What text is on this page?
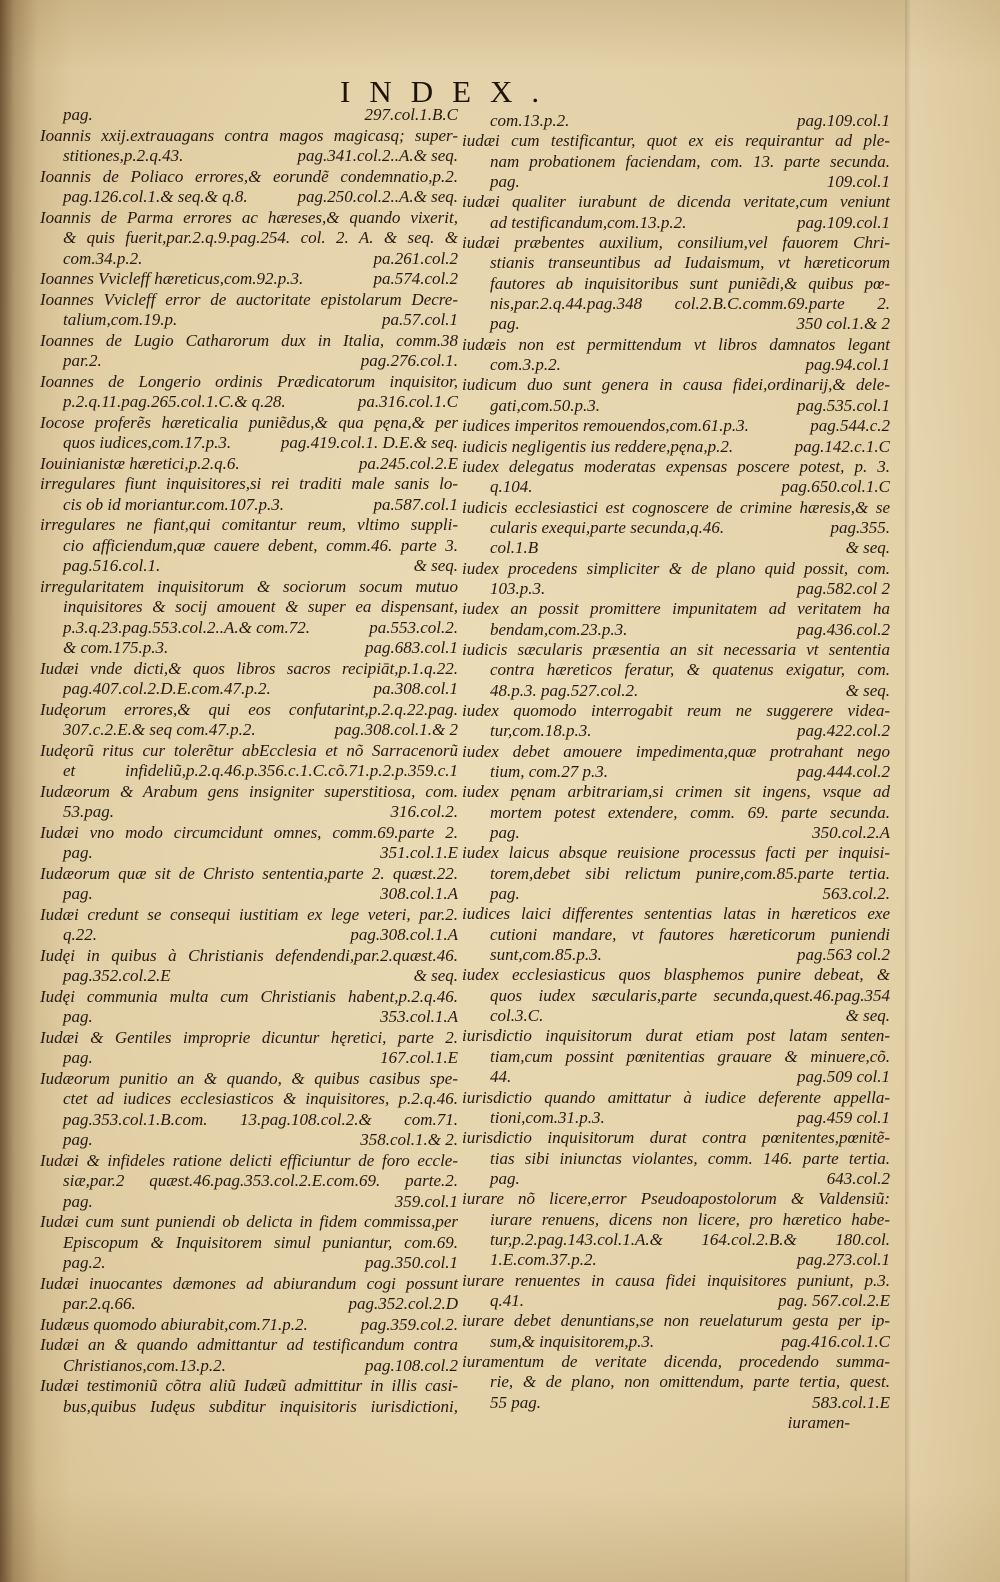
INDEX.
pag.	297.col.1.B.C
Ioannis xxij.extrauagans contra magos magicasq; super-
stitiones,p.2.q.43.	pag.341.col.2..A.& seq.
Ioannis de Poliaco errores,& eorundẽ condemnatio,p.2.
pag.126.col.1.& seq.& q.8.	pag.250.col.2..A.& seq.
Ioannis de Parma errores ac hæreses,& quando vixerit,
& quis fuerit,par.2.q.9.pag.254. col. 2. A. & seq. &
com.34.p.2.	pa.261.col.2
Ioannes Vvicleff hæreticus,com.92.p.3.	pa.574.col.2
Ioannes Vvicleff error de auctoritate epistolarum Decre-
talium,com.19.p.	pa.57.col.1
Ioannes de Lugio Catharorum dux in Italia, comm.38
par.2.	pag.276.col.1.
Ioannes de Longerio ordinis Prædicatorum inquisitor,
p.2.q.11.pag.265.col.1.C.& q.28.	pa.316.col.1.C
Iocose proferẽs hæreticalia puniẽdus,& qua pęna,& per
quos iudices,com.17.p.3.	pag.419.col.1. D.E.& seq.
Iouinianistæ hæretici,p.2.q.6.	pa.245.col.2.E
irregulares fiunt inquisitores,si rei traditi male sanis lo-
cis ob id moriantur.com.107.p.3.	pa.587.col.1
irregulares ne fiant,qui comitantur reum, vltimo suppli-
cio afficiendum,quæ cauere debent, comm.46. parte 3.
pag.516.col.1.	& seq.
irregularitatem inquisitorum & sociorum socum mutuo
inquisitores & socij amouent & super ea dispensant,
p.3.q.23.pag.553.col.2..A.& com.72.	pa.553.col.2.
& com.175.p.3.	pag.683.col.1
Iudæi vnde dicti,& quos libros sacros recipiāt,p.1.q.22.
pag.407.col.2.D.E.com.47.p.2.	pa.308.col.1
Iudęorum errores,& qui eos confutarint,p.2.q.22.pag.
307.c.2.E.& seq com.47.p.2.	pag.308.col.1.& 2
Iudęorũ ritus cur tolerẽtur abEcclesia et nõ Sarracenorũ
et infideliũ,p.2.q.46.p.356.c.1.C.cõ.71.p.2.p.359.c.1
Iudæorum & Arabum gens insigniter superstitiosa, com.
53.pag.	316.col.2.
Iudæi vno modo circumcidunt omnes, comm.69.parte 2.
pag.	351.col.1.E
Iudæorum quæ sit de Christo sententia,parte 2. quæst.22.
pag.	308.col.1.A
Iudæi credunt se consequi iustitiam ex lege veteri, par.2.
q.22.	pag.308.col.1.A
Iudęi in quibus à Christianis defendendi,par.2.quæst.46.
pag.352.col.2.E	& seq.
Iudęi communia multa cum Christianis habent,p.2.q.46.
pag.	353.col.1.A
Iudæi & Gentiles improprie dicuntur hęretici, parte 2.
pag.	167.col.1.E
Iudæorum punitio an & quando, & quibus casibus spe-
ctet ad iudices ecclesiasticos & inquisitores, p.2.q.46.
pag.353.col.1.B.com. 13.pag.108.col.2.& com.71.
pag.	358.col.1.& 2.
Iudæi & infideles ratione delicti efficiuntur de foro eccle-
siæ,par.2 quæst.46.pag.353.col.2.E.com.69. parte.2.
pag.	359.col.1
Iudæi cum sunt puniendi ob delicta in fidem commissa,per
Episcopum & Inquisitorem simul puniantur, com.69.
pag.2.	pag.350.col.1
Iudæi inuocantes dæmones ad abiurandum cogi possunt
par.2.q.66.	pag.352.col.2.D
Iudæus quomodo abiurabit,com.71.p.2.	pag.359.col.2.
Iudæi an & quando admittantur ad testificandum contra
Christianos,com.13.p.2.	pag.108.col.2
Iudæi testimoniũ cõtra aliũ Iudæũ admittitur in illis casi-
bus,quibus Iudęus subditur inquisitoris iurisdictioni,
com.13.p.2.	pag.109.col.1
iudæi cum testificantur, quot ex eis requirantur ad ple-
nam probationem faciendam, com. 13. parte secunda.
pag.	109.col.1
iudæi qualiter iurabunt de dicenda veritate,cum veniunt
ad testificandum,com.13.p.2.	pag.109.col.1
iudæi præbentes auxilium, consilium,vel fauorem Chri-
stianis transeuntibus ad Iudaismum, vt hæreticorum
fautores ab inquisitoribus sunt puniẽdi,& quibus pœ-
nis,par.2.q.44.pag.348 col.2.B.C.comm.69.parte 2.
pag.	350 col.1.& 2
iudæis non est permittendum vt libros damnatos legant
com.3.p.2.	pag.94.col.1
iudicum duo sunt genera in causa fidei,ordinarij,& dele-
gati,com.50.p.3.	pag.535.col.1
iudices imperitos remouendos,com.61.p.3.	pag.544.c.2
iudicis negligentis ius reddere,pęna,p.2.	pag.142.c.1.C
iudex delegatus moderatas expensas poscere potest, p. 3.
q.104.	pag.650.col.1.C
iudicis ecclesiastici est cognoscere de crimine hæresis,& se
cularis exequi,parte secunda,q.46.	pag.355.
col.1.B	& seq.
iudex procedens simpliciter & de plano quid possit, com.
103.p.3.	pag.582.col 2
iudex an possit promittere impunitatem ad veritatem ha
bendam,com.23.p.3.	pag.436.col.2
iudicis sæcularis præsentia an sit necessaria vt sententia
contra hæreticos feratur, & quatenus exigatur, com.
48.p.3. pag.527.col.2.	& seq.
iudex quomodo interrogabit reum ne suggerere videa-
tur,com.18.p.3.	pag.422.col.2
iudex debet amouere impedimenta,quæ protrahant nego
tium, com.27 p.3.	pag.444.col.2
iudex pęnam arbitrariam,si crimen sit ingens, vsque ad
mortem potest extendere, comm. 69. parte secunda.
pag.	350.col.2.A
iudex laicus absque reuisione processus facti per inquisi-
torem,debet sibi relictum punire,com.85.parte tertia.
pag.	563.col.2.
iudices laici differentes sententias latas in hæreticos exe
cutioni mandare, vt fautores hæreticorum puniendi
sunt,com.85.p.3.	pag.563 col.2
iudex ecclesiasticus quos blasphemos punire debeat, &
quos iudex sæcularis,parte secunda,quest.46.pag.354
col.3.C.	& seq.
iurisdictio inquisitorum durat etiam post latam senten-
tiam,cum possint pœnitentias grauare & minuere,cõ.
44.	pag.509 col.1
iurisdictio quando amittatur à iudice deferente appella-
tioni,com.31.p.3.	pag.459 col.1
iurisdictio inquisitorum durat contra pœnitentes,pœnitẽ-
tias sibi iniunctas violantes, comm. 146. parte tertia.
pag.	643.col.2
iurare nõ licere,error Pseudoapostolorum & Valdensiũ:
iurare renuens, dicens non licere, pro hæretico habe-
tur,p.2.pag.143.col.1.A.& 164.col.2.B.& 180.col.
1.E.com.37.p.2.	pag.273.col.1
iurare renuentes in causa fidei inquisitores puniunt, p.3.
q.41.	pag. 567.col.2.E
iurare debet denuntians,se non reuelaturum gesta per ip-
sum,& inquisitorem,p.3.	pag.416.col.1.C
iuramentum de veritate dicenda, procedendo summa-
rie, & de plano, non omittendum, parte tertia, quest.
55 pag.	583.col.1.E
iuramen-
